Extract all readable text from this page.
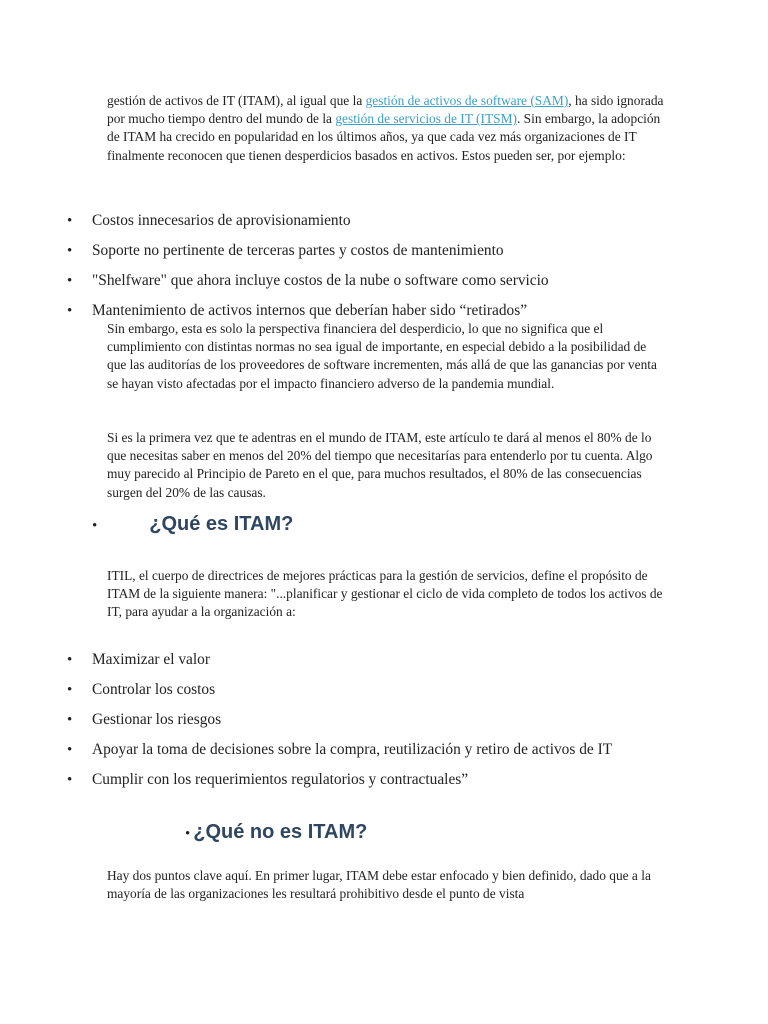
gestión de activos de IT (ITAM), al igual que la gestión de activos de software (SAM), ha sido ignorada por mucho tiempo dentro del mundo de la gestión de servicios de IT (ITSM). Sin embargo, la adopción de ITAM ha crecido en popularidad en los últimos años, ya que cada vez más organizaciones de IT finalmente reconocen que tienen desperdicios basados en activos. Estos pueden ser, por ejemplo:

• Costos innecesarios de aprovisionamiento
• Soporte no pertinente de terceras partes y costos de mantenimiento
• "Shelfware" que ahora incluye costos de la nube o software como servicio
• Mantenimiento de activos internos que deberían haber sido “retirados”

Sin embargo, esta es solo la perspectiva financiera del desperdicio, lo que no significa que el cumplimiento con distintas normas no sea igual de importante, en especial debido a la posibilidad de que las auditorías de los proveedores de software incrementen, más allá de que las ganancias por venta se hayan visto afectadas por el impacto financiero adverso de la pandemia mundial.

Si es la primera vez que te adentras en el mundo de ITAM, este artículo te dará al menos el 80% de lo que necesitas saber en menos del 20% del tiempo que necesitarías para entenderlo por tu cuenta. Algo muy parecido al Principio de Pareto en el que, para muchos resultados, el 80% de las consecuencias surgen del 20% de las causas.

•	¿Qué es ITAM?

ITIL, el cuerpo de directrices de mejores prácticas para la gestión de servicios, define el propósito de ITAM de la siguiente manera: "...planificar y gestionar el ciclo de vida completo de todos los activos de IT, para ayudar a la organización a:

• Maximizar el valor
• Controlar los costos
• Gestionar los riesgos
• Apoyar la toma de decisiones sobre la compra, reutilización y retiro de activos de IT
• Cumplir con los requerimientos regulatorios y contractuales”
• ¿Qué no es ITAM?

Hay dos puntos clave aquí. En primer lugar, ITAM debe estar enfocado y bien definido, dado que a la mayoría de las organizaciones les resultará prohibitivo desde el punto de vista
